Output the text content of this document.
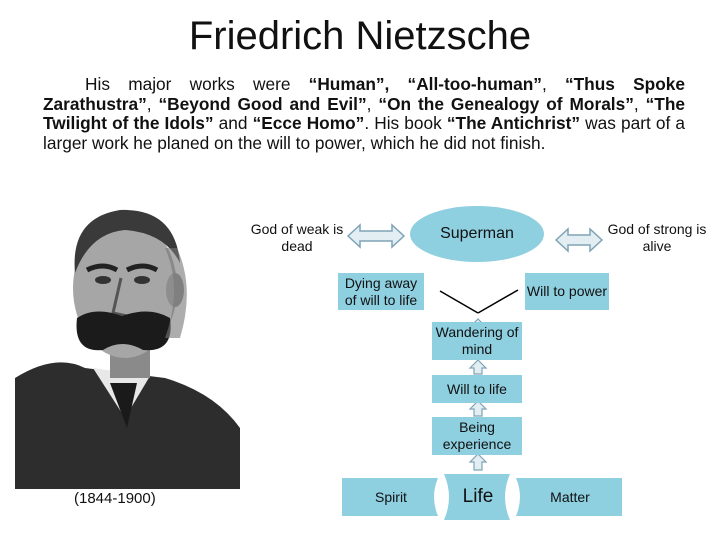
Friedrich Nietzsche

His major works were “Human”, “All-too-human”, “Thus Spoke Zarathustra”, “Beyond Good and Evil”, “On the Genealogy of Morals”, “The Twilight of the Idols” and “Ecce Homo”. His book “The Antichrist” was part of a larger work he planed on the will to power, which he did not finish.

(1844-1900)
God of weak is dead
Superman	God of strong is alive
Dying away of will to life
Will to power
Wandering of mind
Will to life
Being experience
Spirit	Life	Matter
